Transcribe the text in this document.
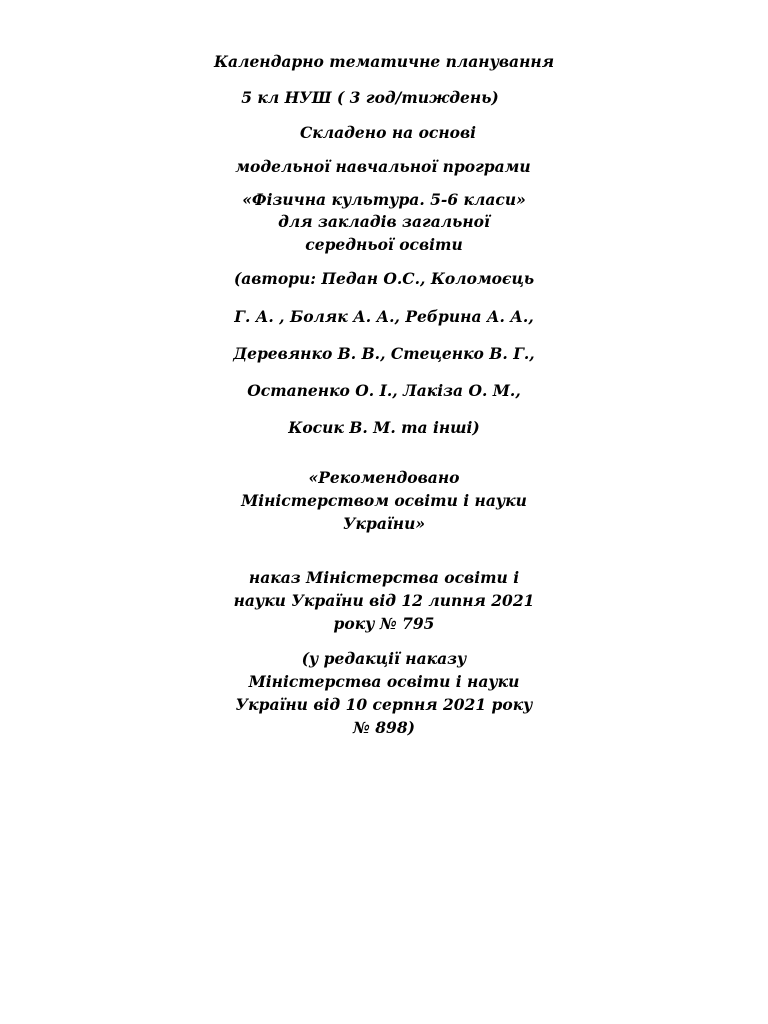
Календарно тематичне планування
5 кл НУШ ( 3 год/тиждень)
Складено на основі
модельної навчальної програми
«Фізична культура. 5-6 класи»
для закладів загальної
середньої освіти
(автори: Педан О.С., Коломоєць
Г. А. , Боляк А. А., Ребрина А. А.,
Деревянко В. В., Стеценко В. Г.,
Остапенко О. І., Лакіза О. М.,
Косик В. М. та інші)
«Рекомендовано
Міністерством освіти і науки
України»
наказ Міністерства освіти і
науки України від 12 липня 2021
року № 795
(у редакції наказу
Міністерства освіти і науки
України від 10 серпня 2021 року
№ 898)
